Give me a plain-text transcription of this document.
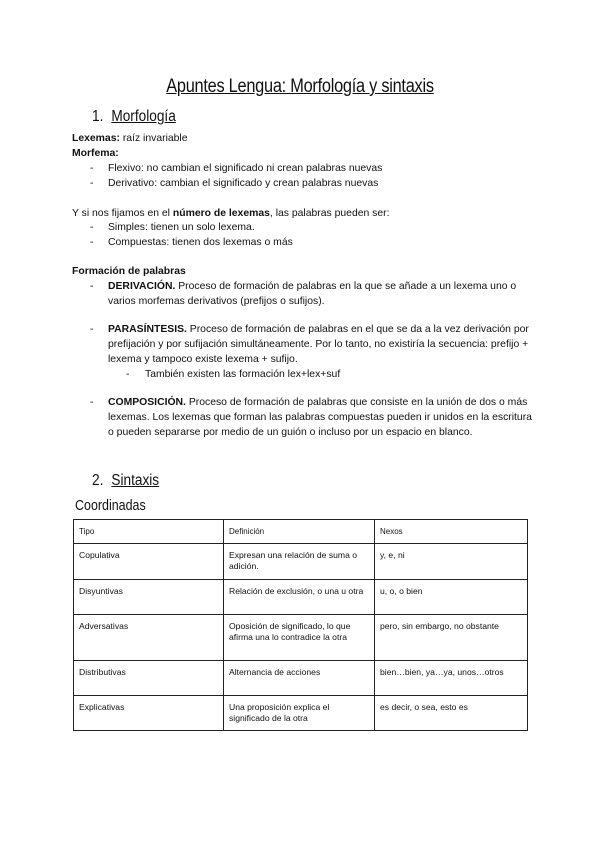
Apuntes Lengua: Morfología y sintaxis
1. Morfología
Lexemas: raíz invariable
Morfema:
- Flexivo: no cambian el significado ni crean palabras nuevas
- Derivativo: cambian el significado y crean palabras nuevas
Y si nos fijamos en el número de lexemas, las palabras pueden ser:
- Simples: tienen un solo lexema.
- Compuestas: tienen dos lexemas o más
Formación de palabras
- DERIVACIÓN. Proceso de formación de palabras en la que se añade a un lexema uno o varios morfemas derivativos (prefijos o sufijos).
- PARASÍNTESIS. Proceso de formación de palabras en el que se da a la vez derivación por prefijación y por sufijación simultáneamente. Por lo tanto, no existiría la secuencia: prefijo + lexema y tampoco existe lexema + sufijo.
- También existen las formación lex+lex+suf
- COMPOSICIÓN. Proceso de formación de palabras que consiste en la unión de dos o más lexemas. Los lexemas que forman las palabras compuestas pueden ir unidos en la escritura o pueden separarse por medio de un guión o incluso por un espacio en blanco.
2. Sintaxis
Coordinadas
Tipo	Definición	Nexos
Copulativa	Expresan una relación de suma o adición.	y, e, ni
Disyuntivas	Relación de exclusión, o una u otra	u, o, o bien
Adversativas	Oposición de significado, lo que afirma una lo contradice la otra	pero, sin embargo, no obstante
Distributivas	Alternancia de acciones	bien…bien, ya…ya, unos…otros
Explicativas	Una proposición explica el significado de la otra	es decir, o sea, esto es
